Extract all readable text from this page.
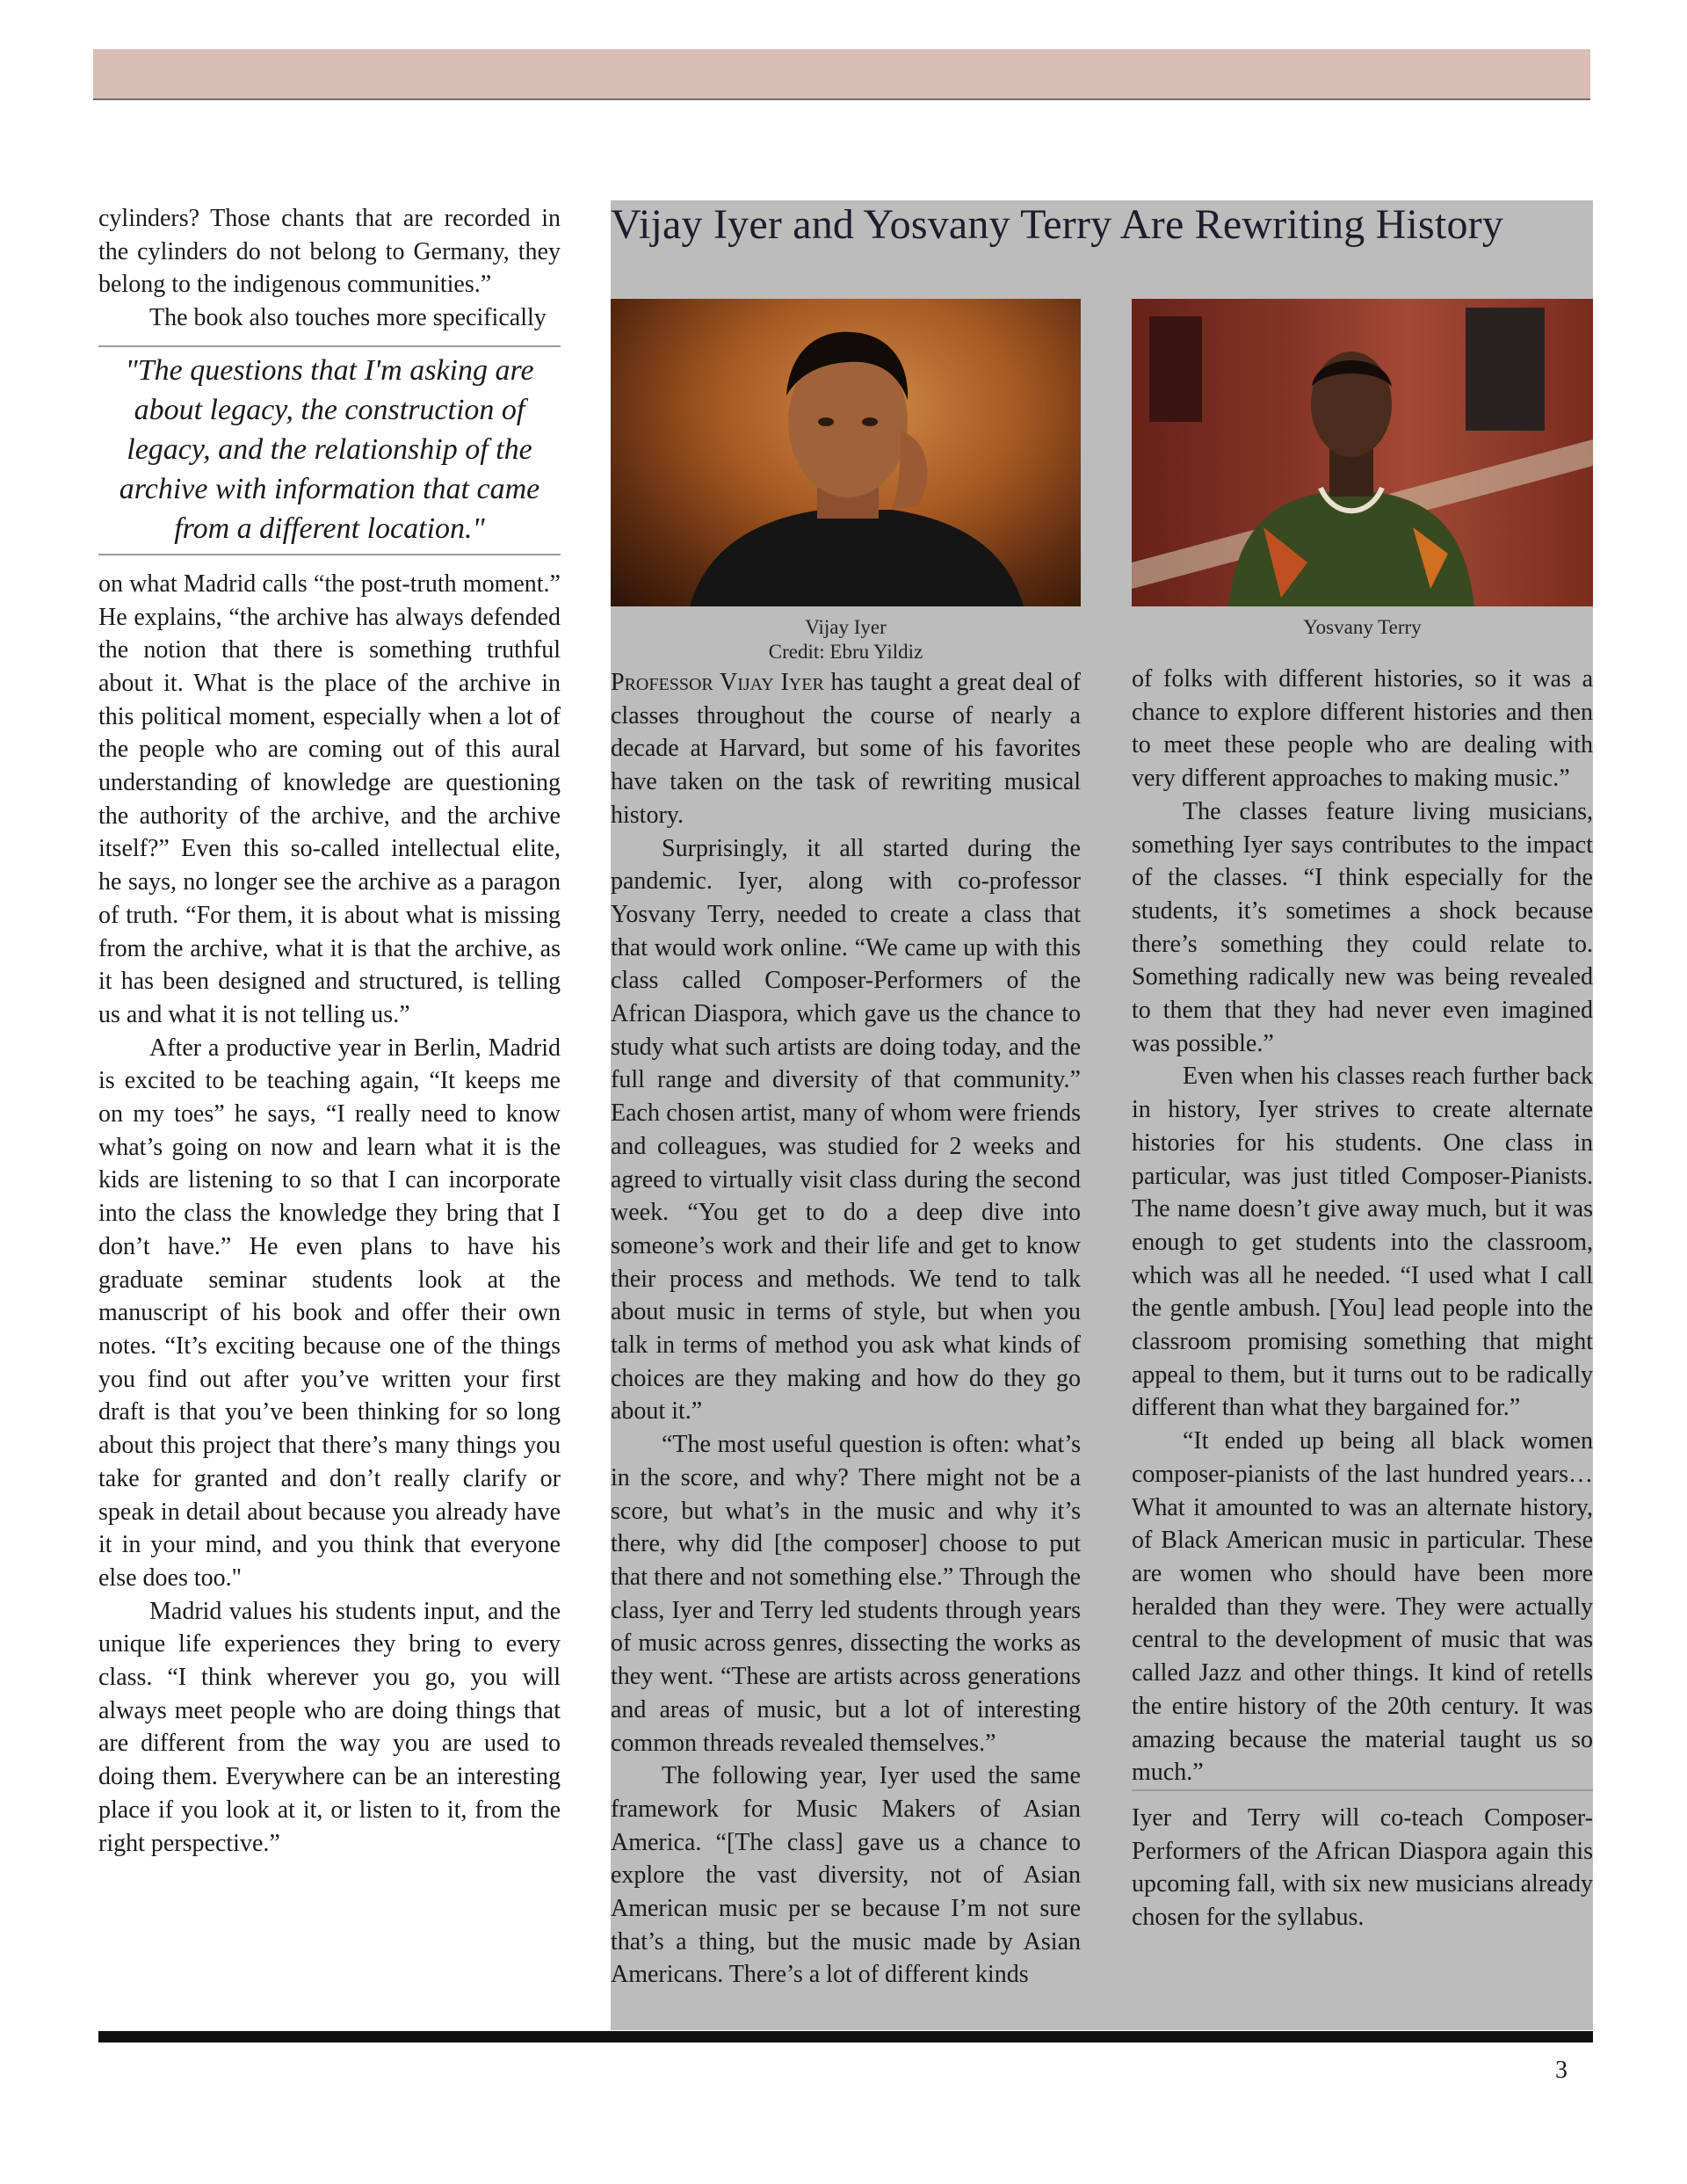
cylinders? Those chants that are recorded in the cylinders do not belong to Germany, they belong to the indigenous communities.”

The book also touches more specifically

"The questions that I'm asking are about legacy, the construction of legacy, and the relationship of the archive with information that came from a different location."

on what Madrid calls “the post-truth moment.” He explains, “the archive has always defended the notion that there is something truthful about it. What is the place of the archive in this political moment, especially when a lot of the people who are coming out of this aural understanding of knowledge are questioning the authority of the archive, and the archive itself?” Even this so-called intellectual elite, he says, no longer see the archive as a paragon of truth. “For them, it is about what is missing from the archive, what it is that the archive, as it has been designed and structured, is telling us and what it is not telling us.”

After a productive year in Berlin, Madrid is excited to be teaching again, “It keeps me on my toes” he says, “I really need to know what’s going on now and learn what it is the kids are listening to so that I can incorporate into the class the knowledge they bring that I don’t have.” He even plans to have his graduate seminar students look at the manuscript of his book and offer their own notes. “It’s exciting because one of the things you find out after you’ve written your first draft is that you’ve been thinking for so long about this project that there’s many things you take for granted and don’t really clarify or speak in detail about because you already have it in your mind, and you think that everyone else does too."

Madrid values his students input, and the unique life experiences they bring to every class. “I think wherever you go, you will always meet people who are doing things that are different from the way you are used to doing them. Everywhere can be an interesting place if you look at it, or listen to it, from the right perspective.”

Vijay Iyer and Yosvany Terry Are Rewriting History
Vijay Iyer
Credit: Ebru Yildiz
Yosvany Terry

Professor Vijay Iyer has taught a great deal of classes throughout the course of nearly a decade at Harvard, but some of his favorites have taken on the task of rewriting musical history.

Surprisingly, it all started during the pandemic. Iyer, along with co-professor Yosvany Terry, needed to create a class that that would work online. “We came up with this class called Composer-Performers of the African Diaspora, which gave us the chance to study what such artists are doing today, and the full range and diversity of that community.” Each chosen artist, many of whom were friends and colleagues, was studied for 2 weeks and agreed to virtually visit class during the second week. “You get to do a deep dive into someone’s work and their life and get to know their process and methods. We tend to talk about music in terms of style, but when you talk in terms of method you ask what kinds of choices are they making and how do they go about it.”

“The most useful question is often: what’s in the score, and why? There might not be a score, but what’s in the music and why it’s there, why did [the composer] choose to put that there and not something else.” Through the class, Iyer and Terry led students through years of music across genres, dissecting the works as they went. “These are artists across generations and areas of music, but a lot of interesting common threads revealed themselves.”

The following year, Iyer used the same framework for Music Makers of Asian America. “[The class] gave us a chance to explore the vast diversity, not of Asian American music per se because I’m not sure that’s a thing, but the music made by Asian Americans. There’s a lot of different kinds

of folks with different histories, so it was a chance to explore different histories and then to meet these people who are dealing with very different approaches to making music.”

The classes feature living musicians, something Iyer says contributes to the impact of the classes. “I think especially for the students, it’s sometimes a shock because there’s something they could relate to. Something radically new was being revealed to them that they had never even imagined was possible.”

Even when his classes reach further back in history, Iyer strives to create alternate histories for his students. One class in particular, was just titled Composer-Pianists. The name doesn’t give away much, but it was enough to get students into the classroom, which was all he needed. “I used what I call the gentle ambush. [You] lead people into the classroom promising something that might appeal to them, but it turns out to be radically different than what they bargained for.”

“It ended up being all black women composer-pianists of the last hundred years…What it amounted to was an alternate history, of Black American music in particular. These are women who should have been more heralded than they were. They were actually central to the development of music that was called Jazz and other things. It kind of retells the entire history of the 20th century. It was amazing because the material taught us so much.”

Iyer and Terry will co-teach Composer-Performers of the African Diaspora again this upcoming fall, with six new musicians already chosen for the syllabus.

3
